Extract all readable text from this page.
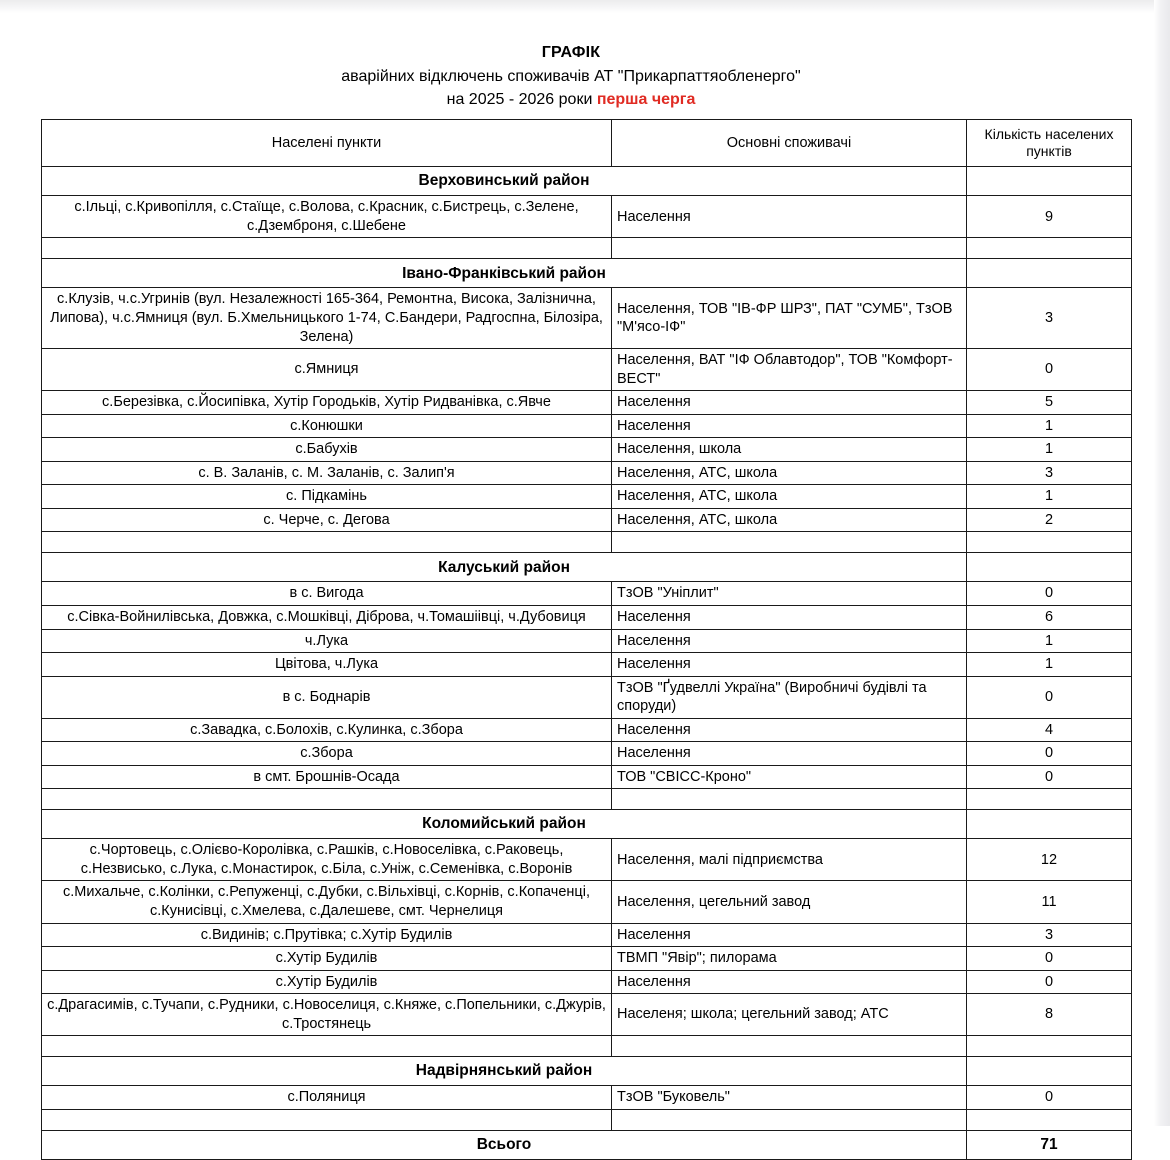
ГРАФІК
аварійних відключень споживачів АТ "Прикарпаттяобленерго"
на 2025 - 2026 роки перша черга
Населені пункти	Основні споживачі	Кількість населених пунктів
Верховинський район		
с.Ільці, с.Кривопілля, с.Стаїще, с.Волова, с.Красник, с.Бистрець, с.Зелене, с.Дземброня, с.Шебене	Населення	9

Івано-Франківський район		
с.Клузів, ч.с.Угринів (вул. Незалежності 165-364, Ремонтна, Висока, Залізнична, Липова), ч.с.Ямниця (вул. Б.Хмельницького 1-74, С.Бандери, Радгоспна, Білозіра, Зелена)	Населення, ТОВ "ІВ-ФР ШРЗ", ПАТ "СУМБ", ТзОВ "М'ясо-ІФ"	3
с.Ямниця	Населення, ВАТ "ІФ Облавтодор", ТОВ "Комфорт-ВЕСТ"	0
с.Березівка, с.Йосипівка, Хутір Городьків, Хутір Ридванівка, с.Явче	Населення	5
с.Конюшки	Населення	1
с.Бабухів	Населення, школа	1
с. В. Заланів, с. М. Заланів, с. Залип'я	Населення, АТС, школа	3
с. Підкамінь	Населення, АТС, школа	1
с. Черче, с. Дегова	Населення, АТС, школа	2

Калуський район		
в с. Вигода	ТзОВ "Уніплит"	0
с.Сівка-Войнилівська, Довжка, с.Мошківці, Діброва, ч.Томашіівці, ч.Дубовиця	Населення	6
ч.Лука	Населення	1
Цвітова, ч.Лука	Населення	1
в с. Боднарів	ТзОВ "Ґудвеллі Україна" (Виробничі будівлі та споруди)	0
с.Завадка, с.Болохів, с.Кулинка, с.Збора	Населення	4
с.Збора	Населення	0
в смт. Брошнів-Осада	ТОВ "СВІСС-Кроно"	0

Коломийський район		
с.Чортовець, с.Олієво-Королівка, с.Рашків, с.Новоселівка, с.Раковець, с.Незвисько, с.Лука, с.Монастирок, с.Біла, с.Уніж, с.Семенівка, с.Воронів	Населення, малі підприємства	12
с.Михальче, с.Колінки, с.Репуженці, с.Дубки, с.Вільхівці, с.Корнів, с.Копаченці, с.Кунисівці, с.Хмелева, с.Далешеве, смт. Чернелиця	Населення, цегельний завод	11
с.Видинів; с.Прутівка; с.Хутір Будилів	Населення	3
с.Хутір Будилів	ТВМП "Явір"; пилорама	0
с.Хутір Будилів	Населення	0
с.Драгасимів, с.Тучапи, с.Рудники, с.Новоселиця, с.Княже, с.Попельники, с.Джурів, с.Тростянець	Населеня; школа; цегельний завод; АТС	8

Надвірнянський район		
с.Поляниця	ТзОВ "Буковель"	0

Всього		71
